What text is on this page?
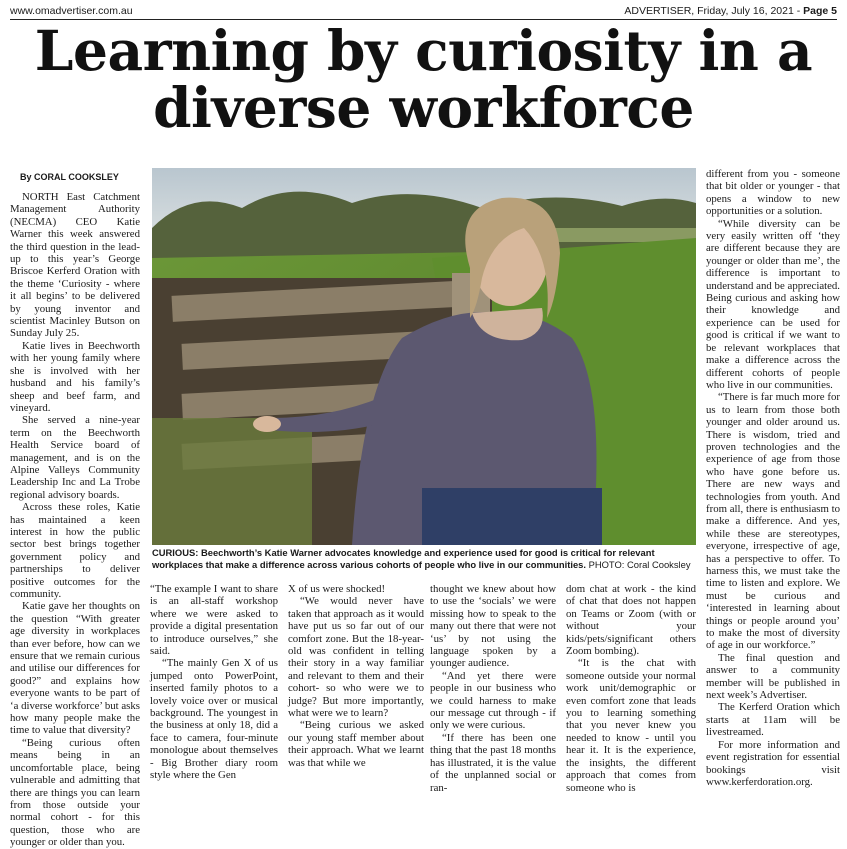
www.omadvertiser.com.au	ADVERTISER, Friday, July 16, 2021 - Page 5
Learning by curiosity in a diverse workforce
By CORAL COOKSLEY

NORTH East Catchment Management Authority (NECMA) CEO Katie Warner this week answered the third question in the lead-up to this year’s George Briscoe Kerferd Oration with the theme ‘Curiosity - where it all begins’ to be delivered by young inventor and scientist Macinley Butson on Sunday July 25.

Katie lives in Beechworth with her young family where she is involved with her husband and his family’s sheep and beef farm, and vineyard.

She served a nine-year term on the Beechworth Health Service board of management, and is on the Alpine Valleys Community Leadership Inc and La Trobe regional advisory boards.

Across these roles, Katie has maintained a keen interest in how the public sector best brings together government policy and partnerships to deliver positive outcomes for the community.

Katie gave her thoughts on the question “With greater age diversity in workplaces than ever before, how can we ensure that we remain curious and utilise our differences for good?” and explains how everyone wants to be part of ‘a diverse workforce’ but asks how many people make the time to value that diversity?

“Being curious often means being in an uncomfortable place, being vulnerable and admitting that there are things you can learn from those outside your normal cohort - for this question, those who are younger or older than you.

CURIOUS: Beechworth’s Katie Warner advocates knowledge and experience used for good is critical for relevant workplaces that make a difference across various cohorts of people who live in our communities. PHOTO: Coral Cooksley

“The example I want to share is an all-staff workshop where we were asked to provide a digital presentation to introduce ourselves,” she said.

“The mainly Gen X of us jumped onto PowerPoint, inserted family photos to a lovely voice over or musical background. The youngest in the business at only 18, did a face to camera, four-minute monologue about themselves - Big Brother diary room style where the Gen

X of us were shocked!

“We would never have taken that approach as it would have put us so far out of our comfort zone. But the 18-year-old was confident in telling their story in a way familiar and relevant to them and their cohort- so who were we to judge? But more importantly, what were we to learn?

“Being curious we asked our young staff member about their approach. What we learnt was that while we

thought we knew about how to use the ‘socials’ we were missing how to speak to the many out there that were not ‘us’ by not using the language spoken by a younger audience.

“And yet there were people in our business who we could harness to make our message cut through - if only we were curious.

“If there has been one thing that the past 18 months has illustrated, it is the value of the unplanned social or ran-

dom chat at work - the kind of chat that does not happen on Teams or Zoom (with or without your kids/pets/significant others Zoom bombing).

“It is the chat with someone outside your normal work unit/demographic or even comfort zone that leads you to learning something that you never knew you needed to know - until you hear it. It is the experience, the insights, the different approach that comes from someone who is

different from you - someone that bit older or younger - that opens a window to new opportunities or a solution.

“While diversity can be very easily written off ‘they are different because they are younger or older than me’, the difference is important to understand and be appreciated. Being curious and asking how their knowledge and experience can be used for good is critical if we want to be relevant workplaces that make a difference across the different cohorts of people who live in our communities.

“There is far much more for us to learn from those both younger and older around us. There is wisdom, tried and proven technologies and the experience of age from those who have gone before us. There are new ways and technologies from youth. And from all, there is enthusiasm to make a difference. And yes, while these are stereotypes, everyone, irrespective of age, has a perspective to offer. To harness this, we must take the time to listen and explore. We must be curious and ‘interested in learning about things or people around you’ to make the most of diversity of age in our workforce.”

The final question and answer to a community member will be published in next week’s Advertiser.

The Kerferd Oration which starts at 11am will be livestreamed.

For more information and event registration for essential bookings visit www.kerferdoration.org.
